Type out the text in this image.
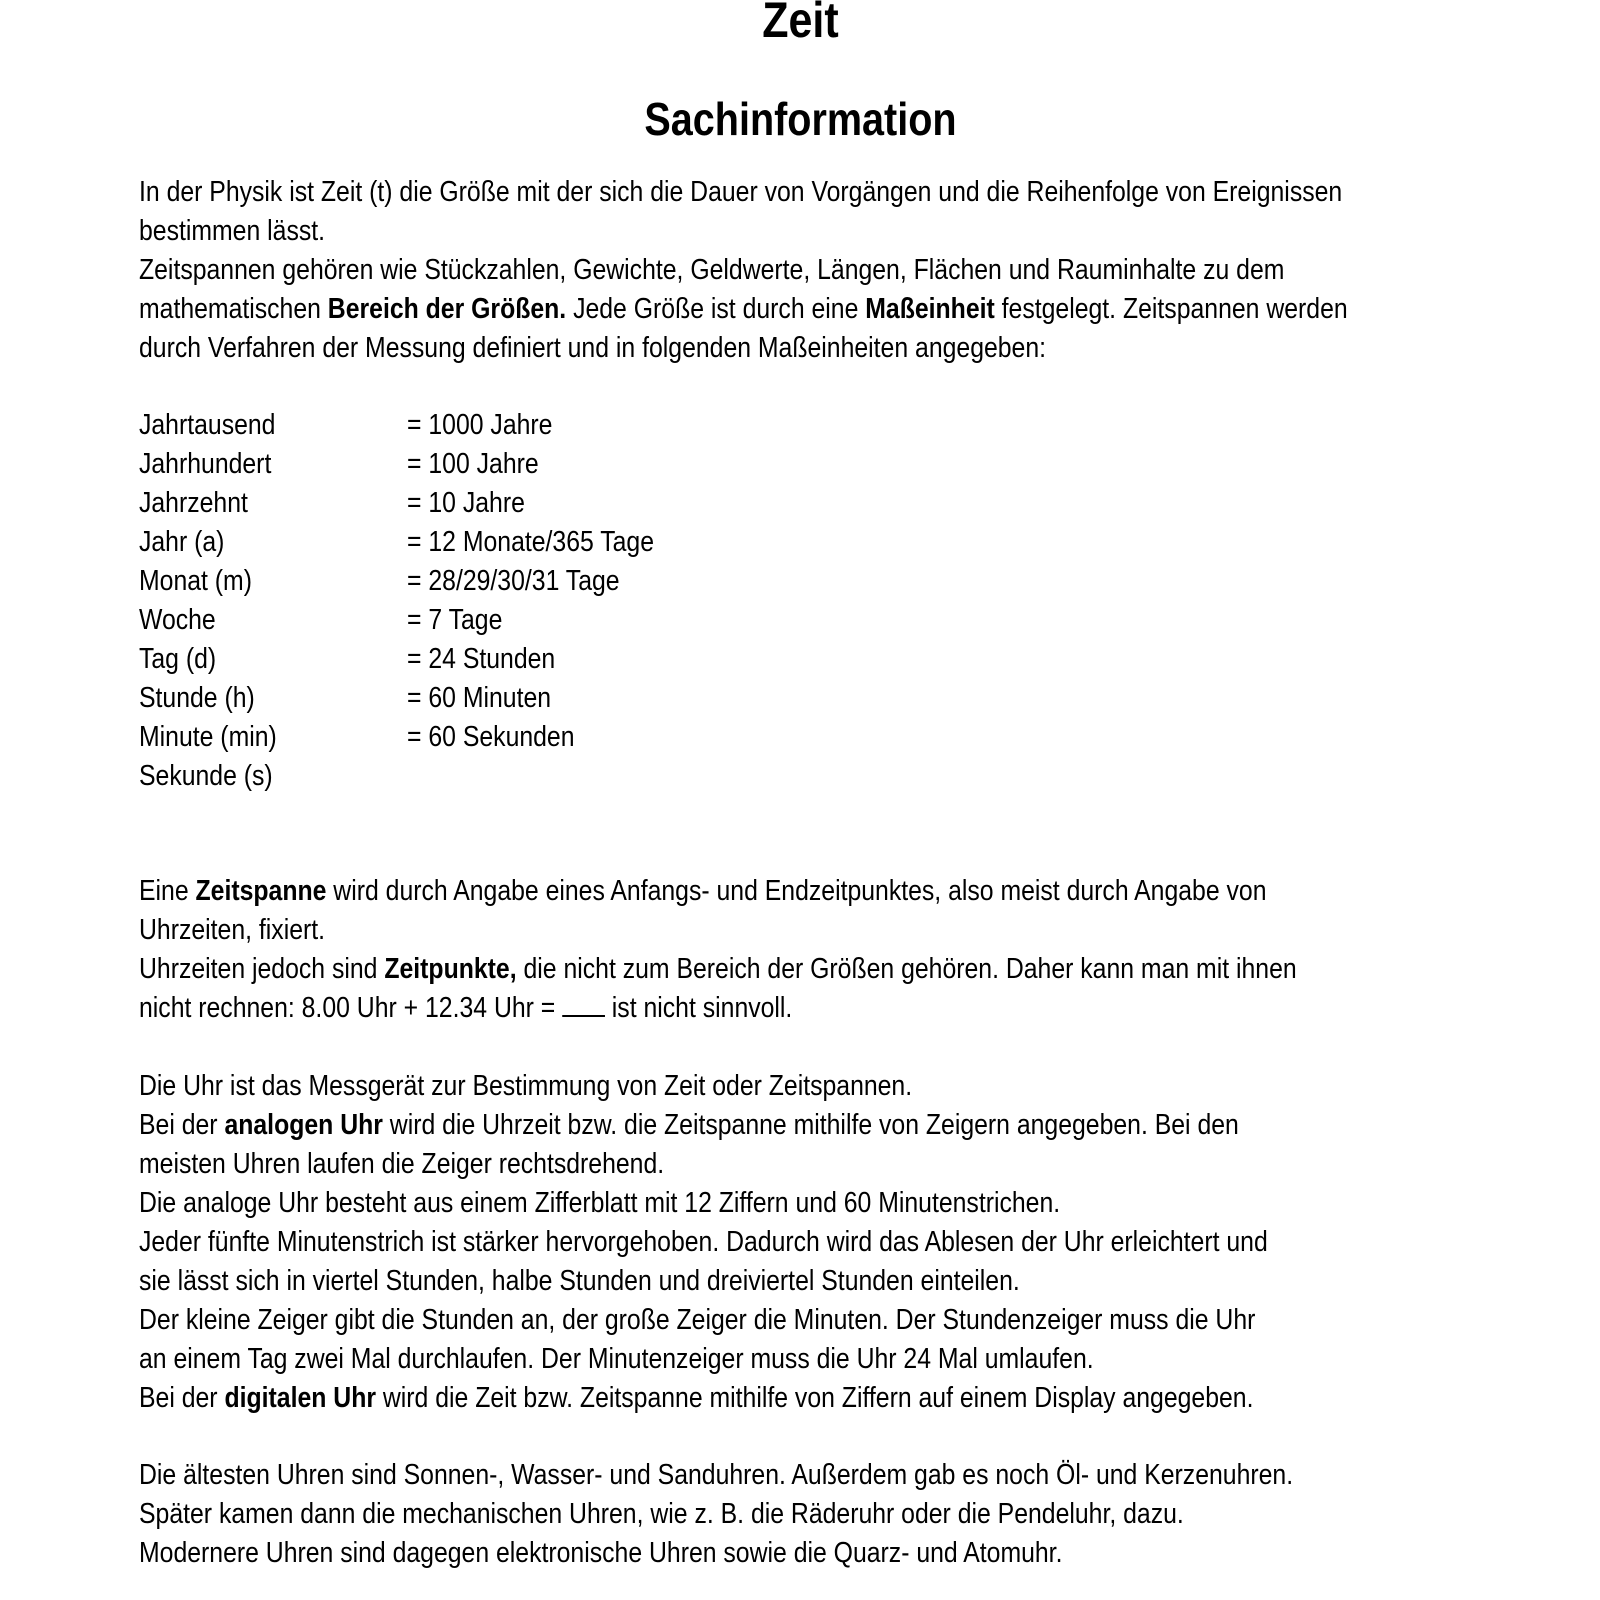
Zeit
Sachinformation
In der Physik ist Zeit (t) die Größe mit der sich die Dauer von Vorgängen und die Reihenfolge von Ereignissen
bestimmen lässt.
Zeitspannen gehören wie Stückzahlen, Gewichte, Geldwerte, Längen, Flächen und Rauminhalte zu dem
mathematischen Bereich der Größen. Jede Größe ist durch eine Maßeinheit festgelegt. Zeitspannen werden
durch Verfahren der Messung definiert und in folgenden Maßeinheiten angegeben:
Jahrtausend	= 1000 Jahre
Jahrhundert	= 100 Jahre
Jahrzehnt	= 10 Jahre
Jahr (a)	= 12 Monate/365 Tage
Monat (m)	= 28/29/30/31 Tage
Woche	= 7 Tage
Tag (d)	= 24 Stunden
Stunde (h)	= 60 Minuten
Minute (min)	= 60 Sekunden
Sekunde (s)
Eine Zeitspanne wird durch Angabe eines Anfangs- und Endzeitpunktes, also meist durch Angabe von
Uhrzeiten, fixiert.
Uhrzeiten jedoch sind Zeitpunkte, die nicht zum Bereich der Größen gehören. Daher kann man mit ihnen
nicht rechnen: 8.00 Uhr + 12.34 Uhr =  ist nicht sinnvoll.
Die Uhr ist das Messgerät zur Bestimmung von Zeit oder Zeitspannen.
Bei der analogen Uhr wird die Uhrzeit bzw. die Zeitspanne mithilfe von Zeigern angegeben. Bei den
meisten Uhren laufen die Zeiger rechtsdrehend.
Die analoge Uhr besteht aus einem Zifferblatt mit 12 Ziffern und 60 Minutenstrichen.
Jeder fünfte Minutenstrich ist stärker hervorgehoben. Dadurch wird das Ablesen der Uhr erleichtert und
sie lässt sich in viertel Stunden, halbe Stunden und dreiviertel Stunden einteilen.
Der kleine Zeiger gibt die Stunden an, der große Zeiger die Minuten. Der Stundenzeiger muss die Uhr
an einem Tag zwei Mal durchlaufen. Der Minutenzeiger muss die Uhr 24 Mal umlaufen.
Bei der digitalen Uhr wird die Zeit bzw. Zeitspanne mithilfe von Ziffern auf einem Display angegeben.
Die ältesten Uhren sind Sonnen-, Wasser- und Sanduhren. Außerdem gab es noch Öl- und Kerzenuhren.
Später kamen dann die mechanischen Uhren, wie z. B. die Räderuhr oder die Pendeluhr, dazu.
Modernere Uhren sind dagegen elektronische Uhren sowie die Quarz- und Atomuhr.
